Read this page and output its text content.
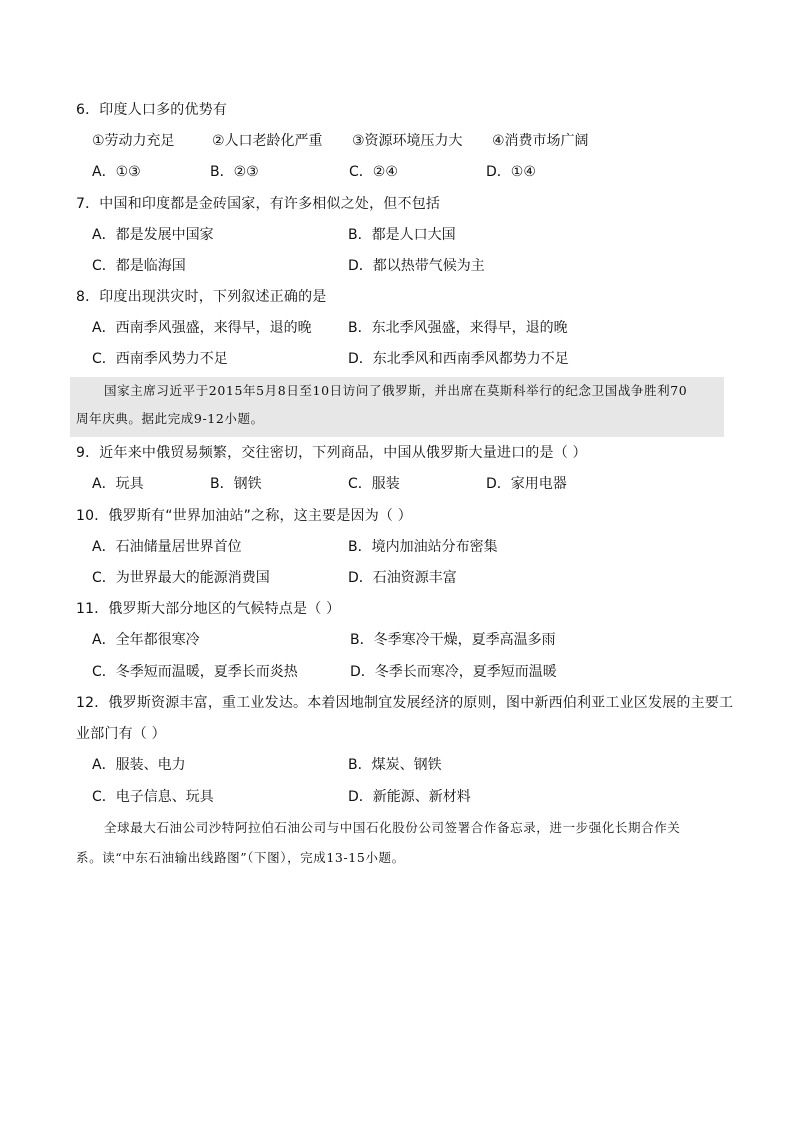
6．印度人口多的优势有
①劳动力充足	②人口老龄化严重 ③资源环境压力大 ④消费市场广阔
A．①③	B．②③	C．②④	D．①④
7．中国和印度都是金砖国家，有许多相似之处，但不包括
A．都是发展中国家	B．都是人口大国
C．都是临海国	D．都以热带气候为主
8．印度出现洪灾时，下列叙述正确的是
A．西南季风强盛，来得早，退的晚	B．东北季风强盛，来得早，退的晚
C．西南季风势力不足	D．东北季风和西南季风都势力不足
国家主席习近平于2015年5月8日至10日访问了俄罗斯，并出席在莫斯科举行的纪念卫国战争胜利70
周年庆典。据此完成9-12小题。
9．近年来中俄贸易频繁，交往密切，下列商品，中国从俄罗斯大量进口的是（ ）
A．玩具	B．钢铁	C．服装	D．家用电器
10．俄罗斯有“世界加油站”之称，这主要是因为（ ）
A．石油储量居世界首位	B．境内加油站分布密集
C．为世界最大的能源消费国	D．石油资源丰富
11．俄罗斯大部分地区的气候特点是（ ）
A．全年都很寒冷	B．冬季寒冷干燥，夏季高温多雨
C．冬季短而温暖，夏季长而炎热	D．冬季长而寒冷，夏季短而温暖
12．俄罗斯资源丰富，重工业发达。本着因地制宜发展经济的原则，图中新西伯利亚工业区发展的主要工
业部门有（ ）
A．服装、电力	B．煤炭、钢铁
C．电子信息、玩具	D．新能源、新材料
全球最大石油公司沙特阿拉伯石油公司与中国石化股份公司签署合作备忘录，进一步强化长期合作关
系。读“中东石油输出线路图”（下图），完成13-15小题。
